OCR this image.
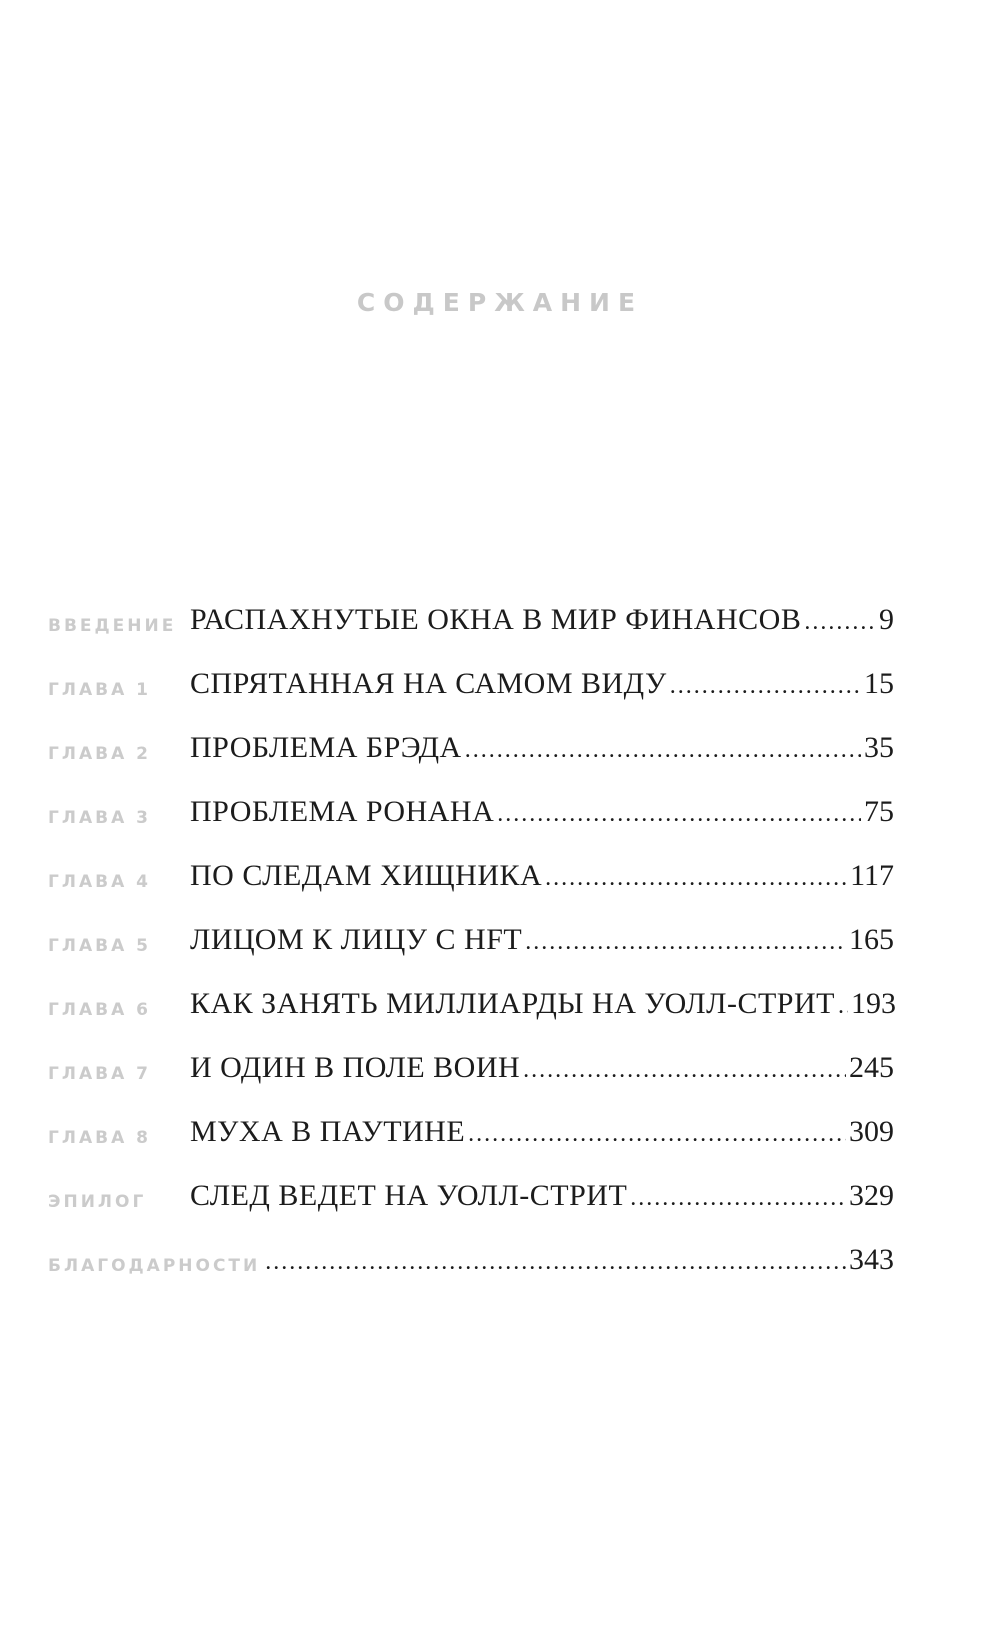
СОДЕРЖАНИЕ
ВВЕДЕНИЕ РАСПАХНУТЫЕ ОКНА В МИР ФИНАНСОВ .....	9
ГЛАВА 1	СПРЯТАННАЯ НА САМОМ ВИДУ .....	15
ГЛАВА 2	ПРОБЛЕМА БРЭДА .....	35
ГЛАВА 3	ПРОБЛЕМА РОНАНА .....	75
ГЛАВА 4	ПО СЛЕДАМ ХИЩНИКА .....	117
ГЛАВА 5	ЛИЦОМ К ЛИЦУ С HFT .....	165
ГЛАВА 6	КАК ЗАНЯТЬ МИЛЛИАРДЫ НА УОЛЛ-СТРИТ ..... 193
ГЛАВА 7	И ОДИН В ПОЛЕ ВОИН .....	245
ГЛАВА 8	МУХА В ПАУТИНЕ .....	309
ЭПИЛОГ	СЛЕД ВЕДЕТ НА УОЛЛ-СТРИТ .....	329
БЛАГОДАРНОСТИ .....	343
